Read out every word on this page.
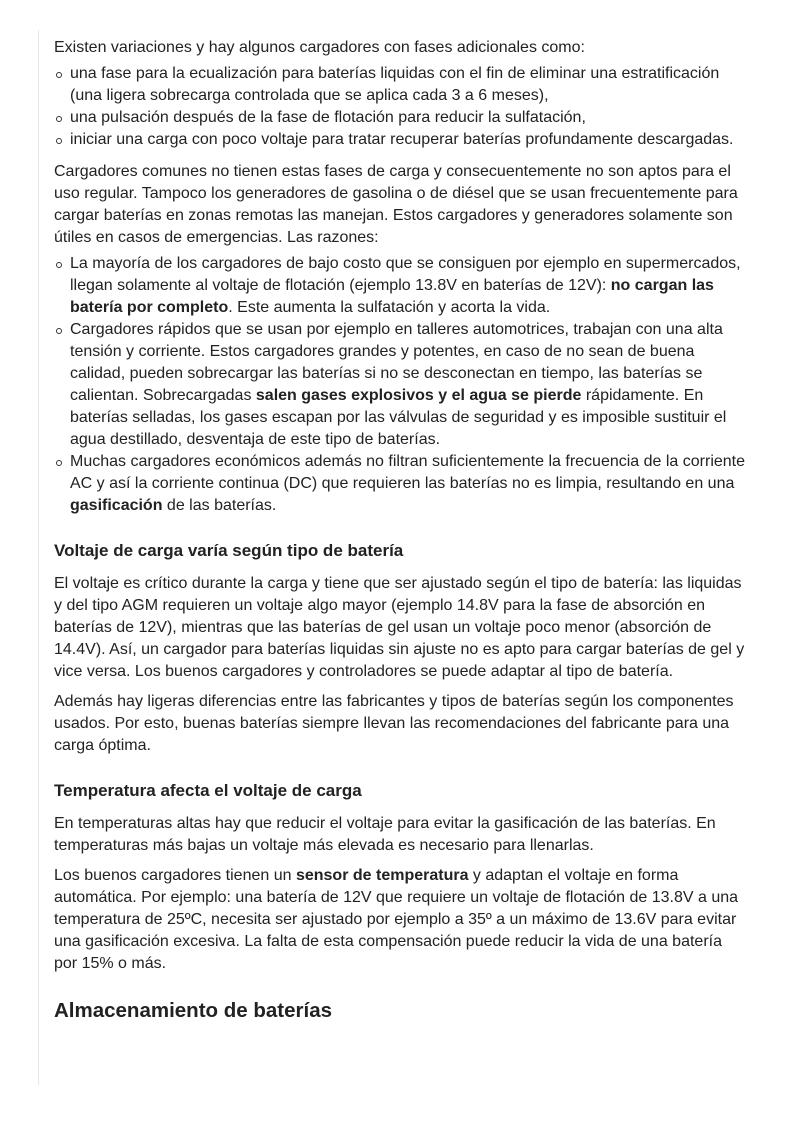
Existen variaciones y hay algunos cargadores con fases adicionales como:

una fase para la ecualización para baterías liquidas con el fin de eliminar una estratificación (una ligera sobrecarga controlada que se aplica cada 3 a 6 meses),
una pulsación después de la fase de flotación para reducir la sulfatación,
iniciar una carga con poco voltaje para tratar recuperar baterías profundamente descargadas.

Cargadores comunes no tienen estas fases de carga y consecuentemente no son aptos para el uso regular. Tampoco los generadores de gasolina o de diésel que se usan frecuentemente para cargar baterías en zonas remotas las manejan. Estos cargadores y generadores solamente son útiles en casos de emergencias. Las razones:

La mayoría de los cargadores de bajo costo que se consiguen por ejemplo en supermercados, llegan solamente al voltaje de flotación (ejemplo 13.8V en baterías de 12V): no cargan las batería por completo. Este aumenta la sulfatación y acorta la vida.
Cargadores rápidos que se usan por ejemplo en talleres automotrices, trabajan con una alta tensión y corriente. Estos cargadores grandes y potentes, en caso de no sean de buena calidad, pueden sobrecargar las baterías si no se desconectan en tiempo, las baterías se calientan. Sobrecargadas salen gases explosivos y el agua se pierde rápidamente. En baterías selladas, los gases escapan por las válvulas de seguridad y es imposible sustituir el agua destillado, desventaja de este tipo de baterías.
Muchas cargadores económicos además no filtran suficientemente la frecuencia de la corriente AC y así la corriente continua (DC) que requieren las baterías no es limpia, resultando en una gasificación de las baterías.
Voltaje de carga varía según tipo de batería

El voltaje es crítico durante la carga y tiene que ser ajustado según el tipo de batería: las liquidas y del tipo AGM requieren un voltaje algo mayor (ejemplo 14.8V para la fase de absorción en baterías de 12V), mientras que las baterías de gel usan un voltaje poco menor (absorción de 14.4V). Así, un cargador para baterías liquidas sin ajuste no es apto para cargar baterías de gel y vice versa. Los buenos cargadores y controladores se puede adaptar al tipo de batería.

Además hay ligeras diferencias entre las fabricantes y tipos de baterías según los componentes usados. Por esto, buenas baterías siempre llevan las recomendaciones del fabricante para una carga óptima.

Temperatura afecta el voltaje de carga

En temperaturas altas hay que reducir el voltaje para evitar la gasificación de las baterías. En temperaturas más bajas un voltaje más elevada es necesario para llenarlas.

Los buenos cargadores tienen un sensor de temperatura y adaptan el voltaje en forma automática. Por ejemplo: una batería de 12V que requiere un voltaje de flotación de 13.8V a una temperatura de 25ºC, necesita ser ajustado por ejemplo a 35º a un máximo de 13.6V para evitar una gasificación excesiva. La falta de esta compensación puede reducir la vida de una batería por 15% o más.

Almacenamiento de baterías
